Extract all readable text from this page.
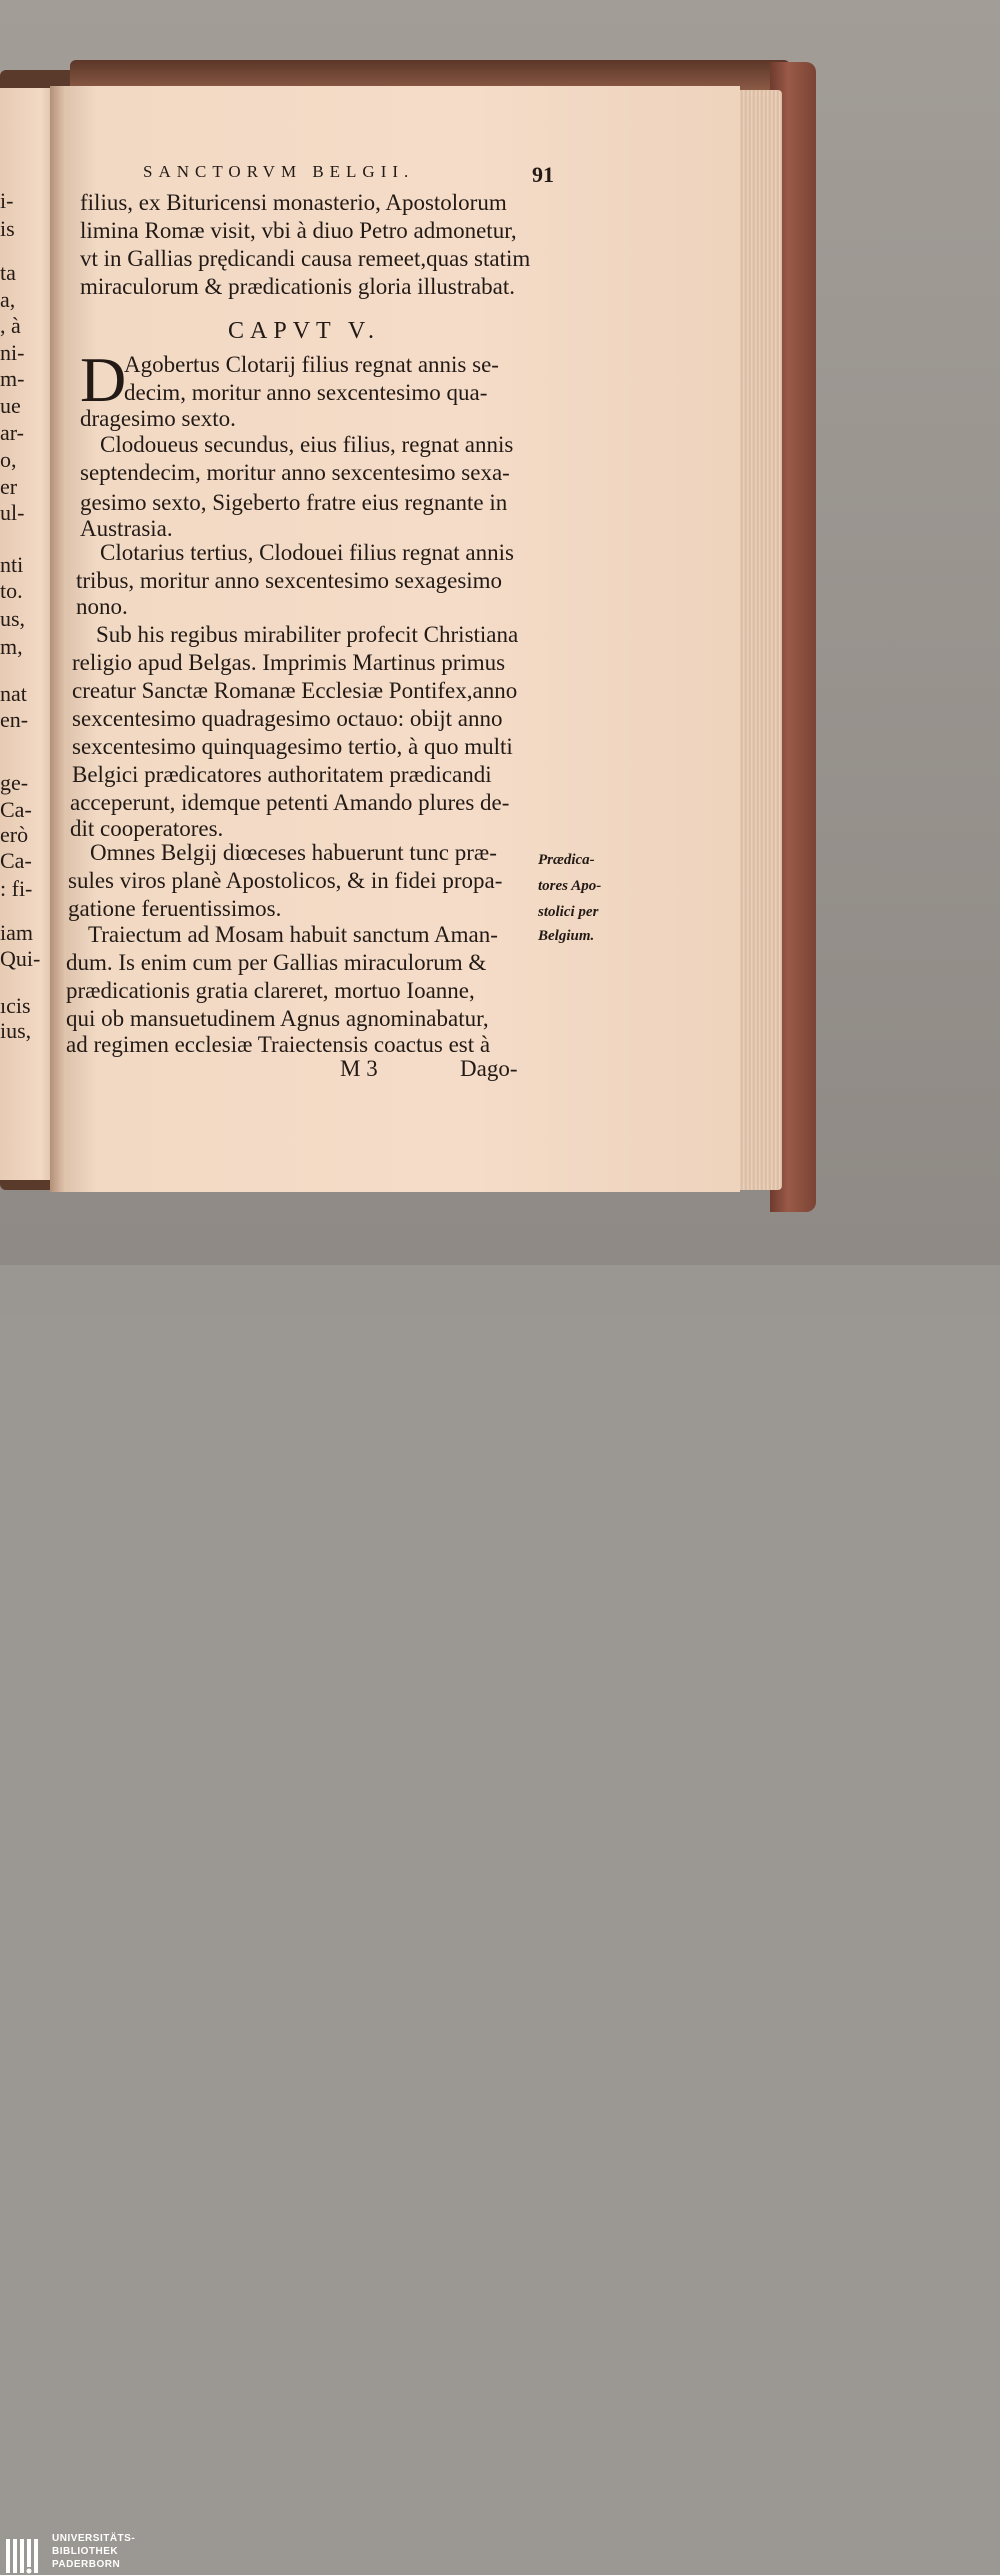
i-
is
ta
a,
, à
ni-
m-
ue
ar-
o,
er
ul-
nti
to.
us,
m,
nat
en-
ge-
Ca-
erò
Ca-
: fi-
iam
Qui-
ıcis
ius,
SANCTORVM BELGII.	91
filius, ex Bituricensi monasterio, Apostolorum
limina Romæ visit, vbi à diuo Petro admonetur,
vt in Gallias prędicandi causa remeet,quas statim
miraculorum & prædicationis gloria illustrabat.
CAPVT V.
D
Agobertus Clotarij filius regnat annis se-
decim, moritur anno sexcentesimo qua-
dragesimo sexto.
Clodoueus secundus, eius filius, regnat annis
septendecim, moritur anno sexcentesimo sexa-
gesimo sexto, Sigeberto fratre eius regnante in
Austrasia.
Clotarius tertius, Clodouei filius regnat annis
tribus, moritur anno sexcentesimo sexagesimo
nono.
Sub his regibus mirabiliter profecit Christiana
religio apud Belgas. Imprimis Martinus primus
creatur Sanctæ Romanæ Ecclesiæ Pontifex,anno
sexcentesimo quadragesimo octauo: obijt anno
sexcentesimo quinquagesimo tertio, à quo multi
Belgici prædicatores authoritatem prædicandi
acceperunt, idemque petenti Amando plures de-
dit cooperatores.
Omnes Belgij diœceses habuerunt tunc præ-
sules viros planè Apostolicos, & in fidei propa-
gatione feruentissimos.
Traiectum ad Mosam habuit sanctum Aman-
dum. Is enim cum per Gallias miraculorum &
prædicationis gratia clareret, mortuo Ioanne,
qui ob mansuetudinem Agnus agnominabatur,
ad regimen ecclesiæ Traiectensis coactus est à
Prædica-
tores Apo-
stolici per
Belgium.
M 3	Dago-
UNIVERSITÄTS-
BIBLIOTHEK
PADERBORN
